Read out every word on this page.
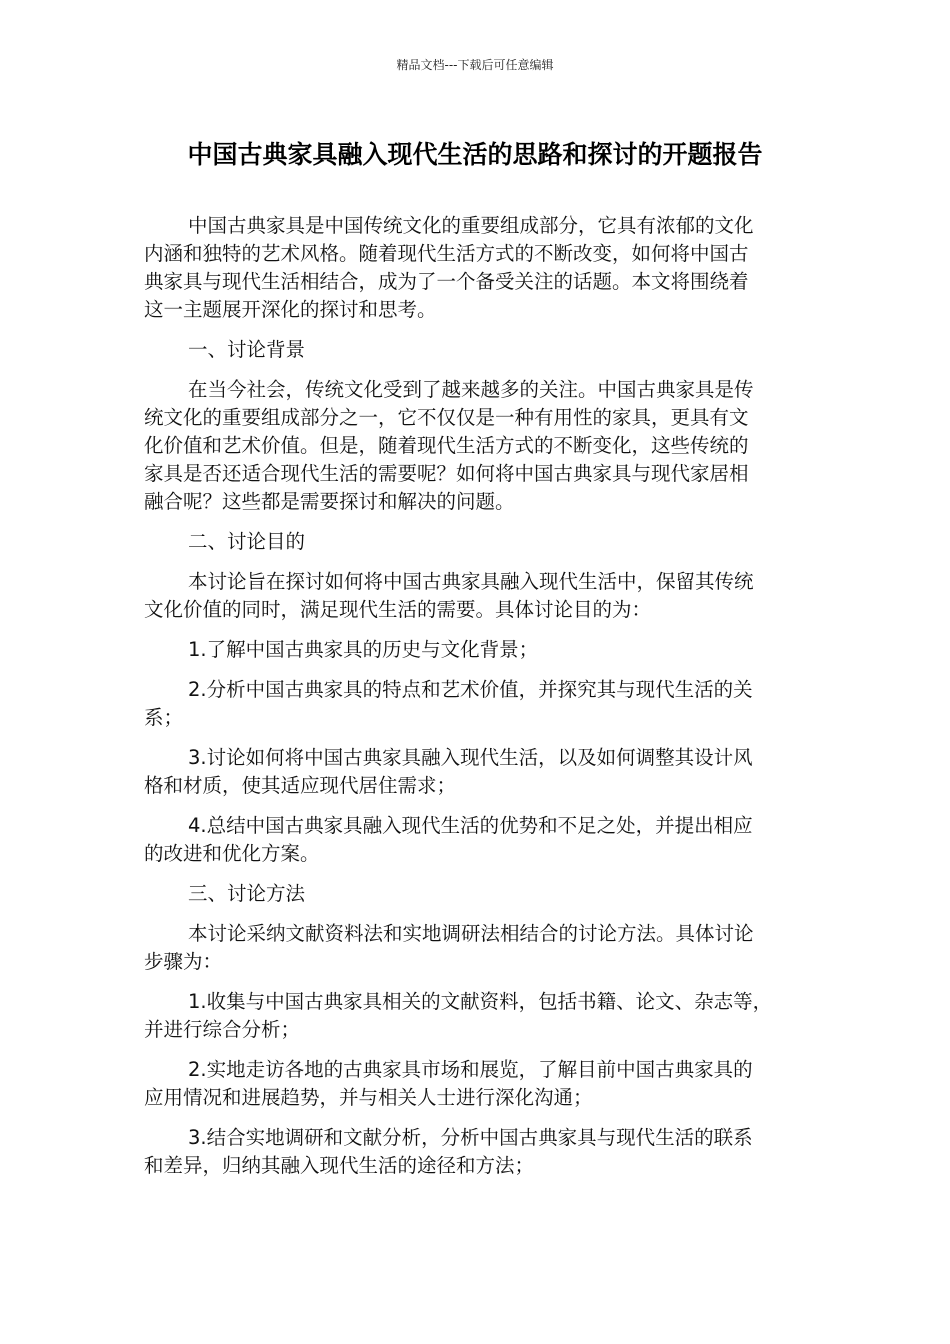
精品文档---下载后可任意编辑
中国古典家具融入现代生活的思路和探讨的开题报告

中国古典家具是中国传统文化的重要组成部分，它具有浓郁的文化
内涵和独特的艺术风格。随着现代生活方式的不断改变，如何将中国古
典家具与现代生活相结合，成为了一个备受关注的话题。本文将围绕着
这一主题展开深化的探讨和思考。

一、讨论背景

在当今社会，传统文化受到了越来越多的关注。中国古典家具是传
统文化的重要组成部分之一，它不仅仅是一种有用性的家具，更具有文
化价值和艺术价值。但是，随着现代生活方式的不断变化，这些传统的
家具是否还适合现代生活的需要呢？如何将中国古典家具与现代家居相
融合呢？这些都是需要探讨和解决的问题。

二、讨论目的

本讨论旨在探讨如何将中国古典家具融入现代生活中，保留其传统
文化价值的同时，满足现代生活的需要。具体讨论目的为：

1.了解中国古典家具的历史与文化背景；

2.分析中国古典家具的特点和艺术价值，并探究其与现代生活的关
系；

3.讨论如何将中国古典家具融入现代生活，以及如何调整其设计风
格和材质，使其适应现代居住需求；

4.总结中国古典家具融入现代生活的优势和不足之处，并提出相应
的改进和优化方案。

三、讨论方法

本讨论采纳文献资料法和实地调研法相结合的讨论方法。具体讨论
步骤为：

1.收集与中国古典家具相关的文献资料，包括书籍、论文、杂志等，
并进行综合分析；

2.实地走访各地的古典家具市场和展览，了解目前中国古典家具的
应用情况和进展趋势，并与相关人士进行深化沟通；

3.结合实地调研和文献分析，分析中国古典家具与现代生活的联系
和差异，归纳其融入现代生活的途径和方法；
